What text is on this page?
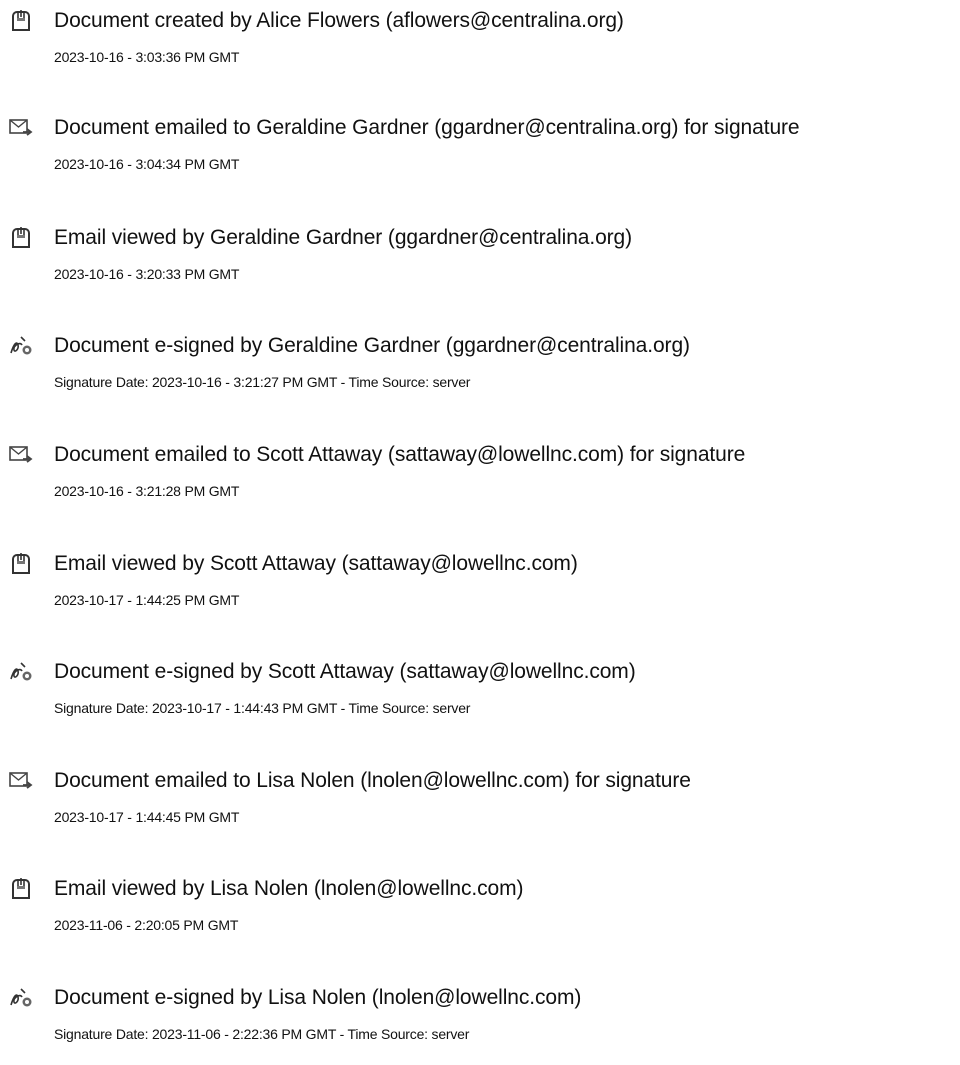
Document created by Alice Flowers (aflowers@centralina.org)
2023-10-16 - 3:03:36 PM GMT
Document emailed to Geraldine Gardner (ggardner@centralina.org) for signature
2023-10-16 - 3:04:34 PM GMT
Email viewed by Geraldine Gardner (ggardner@centralina.org)
2023-10-16 - 3:20:33 PM GMT
Document e-signed by Geraldine Gardner (ggardner@centralina.org)
Signature Date: 2023-10-16 - 3:21:27 PM GMT - Time Source: server
Document emailed to Scott Attaway (sattaway@lowellnc.com) for signature
2023-10-16 - 3:21:28 PM GMT
Email viewed by Scott Attaway (sattaway@lowellnc.com)
2023-10-17 - 1:44:25 PM GMT
Document e-signed by Scott Attaway (sattaway@lowellnc.com)
Signature Date: 2023-10-17 - 1:44:43 PM GMT - Time Source: server
Document emailed to Lisa Nolen (lnolen@lowellnc.com) for signature
2023-10-17 - 1:44:45 PM GMT
Email viewed by Lisa Nolen (lnolen@lowellnc.com)
2023-11-06 - 2:20:05 PM GMT
Document e-signed by Lisa Nolen (lnolen@lowellnc.com)
Signature Date: 2023-11-06 - 2:22:36 PM GMT - Time Source: server
